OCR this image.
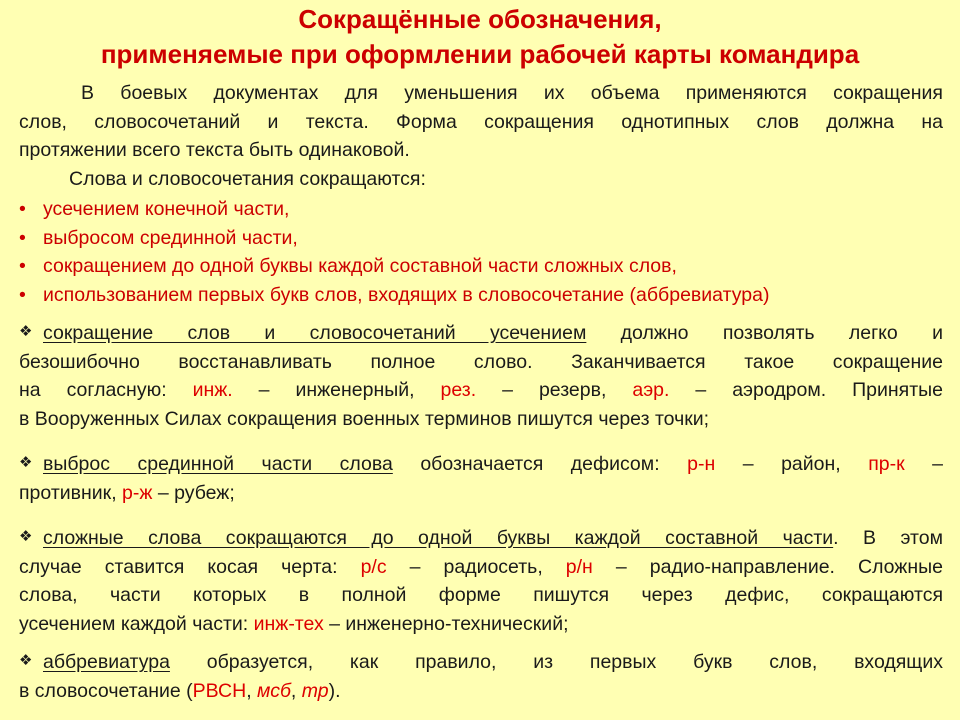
Сокращённые обозначения,
применяемые при оформлении рабочей карты командира
В боевых документах для уменьшения их объема применяются сокращения
слов, словосочетаний и текста. Форма сокращения однотипных слов должна на
протяжении всего текста быть одинаковой.
Слова и словосочетания сокращаются:
• усечением конечной части,
• выбросом срединной части,
• сокращением до одной буквы каждой составной части сложных слов,
• использованием первых букв слов, входящих в словосочетание (аббревиатура)
❖ сокращение слов и словосочетаний усечением должно позволять легко и
безошибочно восстанавливать полное слово. Заканчивается такое сокращение
на согласную: инж. – инженерный, рез. – резерв, аэр. – аэродром. Принятые
в Вооруженных Силах сокращения военных терминов пишутся через точки;
❖ выброс срединной части слова обозначается дефисом: р-н – район, пр-к –
противник, р-ж – рубеж;
❖ сложные слова сокращаются до одной буквы каждой составной части. В этом
случае ставится косая черта: р/с – радиосеть, р/н – радио-направление. Сложные
слова, части которых в полной форме пишутся через дефис, сокращаются
усечением каждой части: инж-тех – инженерно-технический;
❖ аббревиатура образуется, как правило, из первых букв слов, входящих
в словосочетание (РВСН, мсб, тр).
